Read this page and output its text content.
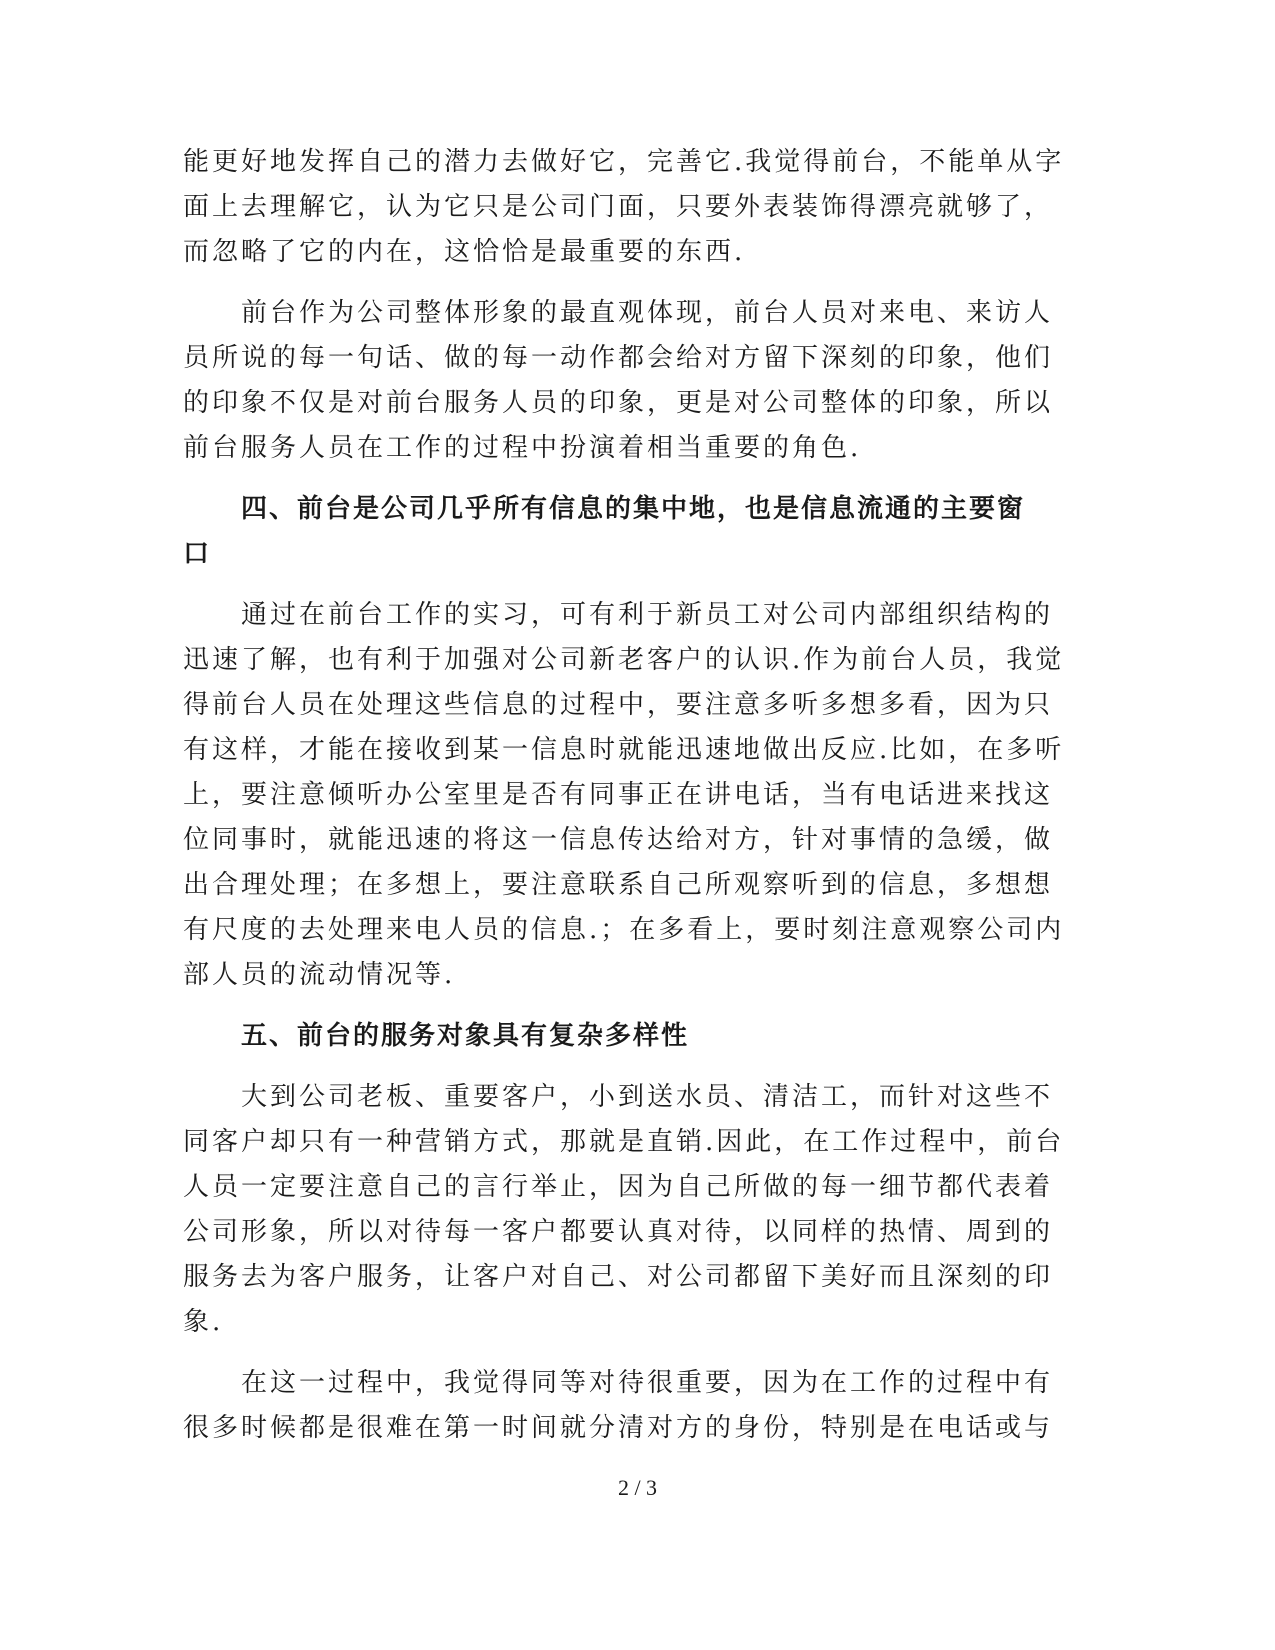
能更好地发挥自己的潜力去做好它，完善它.我觉得前台，不能单从字
面上去理解它，认为它只是公司门面，只要外表装饰得漂亮就够了，
而忽略了它的内在，这恰恰是最重要的东西.
前台作为公司整体形象的最直观体现，前台人员对来电、来访人
员所说的每一句话、做的每一动作都会给对方留下深刻的印象，他们
的印象不仅是对前台服务人员的印象，更是对公司整体的印象，所以
前台服务人员在工作的过程中扮演着相当重要的角色.
四、前台是公司几乎所有信息的集中地，也是信息流通的主要窗
口
通过在前台工作的实习，可有利于新员工对公司内部组织结构的
迅速了解，也有利于加强对公司新老客户的认识.作为前台人员，我觉
得前台人员在处理这些信息的过程中，要注意多听多想多看，因为只
有这样，才能在接收到某一信息时就能迅速地做出反应.比如，在多听
上，要注意倾听办公室里是否有同事正在讲电话，当有电话进来找这
位同事时，就能迅速的将这一信息传达给对方，针对事情的急缓，做
出合理处理；在多想上，要注意联系自己所观察听到的信息，多想想
有尺度的去处理来电人员的信息.；在多看上，要时刻注意观察公司内
部人员的流动情况等.
五、前台的服务对象具有复杂多样性
大到公司老板、重要客户，小到送水员、清洁工，而针对这些不
同客户却只有一种营销方式，那就是直销.因此，在工作过程中，前台
人员一定要注意自己的言行举止，因为自己所做的每一细节都代表着
公司形象，所以对待每一客户都要认真对待，以同样的热情、周到的
服务去为客户服务，让客户对自己、对公司都留下美好而且深刻的印
象.
在这一过程中，我觉得同等对待很重要，因为在工作的过程中有
很多时候都是很难在第一时间就分清对方的身份，特别是在电话或与
2 / 3
